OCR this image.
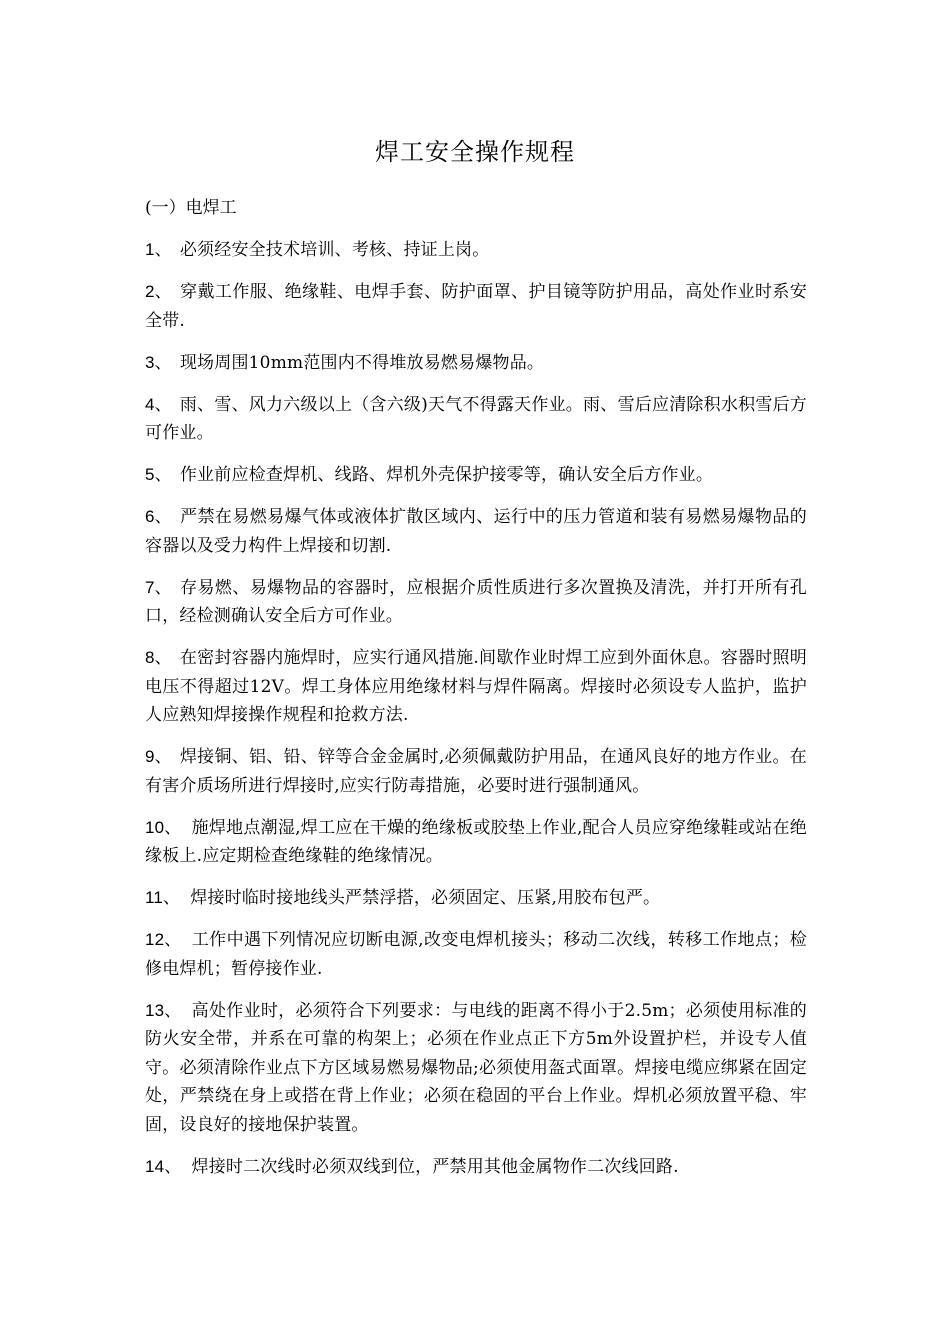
焊工安全操作规程

(一）电焊工

1、 必须经安全技术培训、考核、持证上岗。

2、 穿戴工作服、绝缘鞋、电焊手套、防护面罩、护目镜等防护用品，高处作业时系安全带.

3、 现场周围10mm范围内不得堆放易燃易爆物品。

4、 雨、雪、风力六级以上（含六级)天气不得露天作业。雨、雪后应清除积水积雪后方可作业。

5、 作业前应检查焊机、线路、焊机外壳保护接零等，确认安全后方作业。

6、 严禁在易燃易爆气体或液体扩散区域内、运行中的压力管道和装有易燃易爆物品的容器以及受力构件上焊接和切割.

7、 存易燃、易爆物品的容器时，应根据介质性质进行多次置换及清洗，并打开所有孔口，经检测确认安全后方可作业。

8、 在密封容器内施焊时，应实行通风措施.间歇作业时焊工应到外面休息。容器时照明电压不得超过12V。焊工身体应用绝缘材料与焊件隔离。焊接时必须设专人监护，监护人应熟知焊接操作规程和抢救方法.

9、 焊接铜、铝、铅、锌等合金金属时,必须佩戴防护用品，在通风良好的地方作业。在有害介质场所进行焊接时,应实行防毒措施，必要时进行强制通风。

10、 施焊地点潮湿,焊工应在干燥的绝缘板或胶垫上作业,配合人员应穿绝缘鞋或站在绝缘板上.应定期检查绝缘鞋的绝缘情况。

11、 焊接时临时接地线头严禁浮搭，必须固定、压紧,用胶布包严。

12、 工作中遇下列情况应切断电源,改变电焊机接头；移动二次线，转移工作地点；检修电焊机；暂停接作业.

13、 高处作业时，必须符合下列要求：与电线的距离不得小于2.5m；必须使用标准的防火安全带，并系在可靠的构架上；必须在作业点正下方5m外设置护栏，并设专人值守。必须清除作业点下方区域易燃易爆物品;必须使用盔式面罩。焊接电缆应绑紧在固定处，严禁绕在身上或搭在背上作业；必须在稳固的平台上作业。焊机必须放置平稳、牢固，设良好的接地保护装置。

14、 焊接时二次线时必须双线到位，严禁用其他金属物作二次线回路.
